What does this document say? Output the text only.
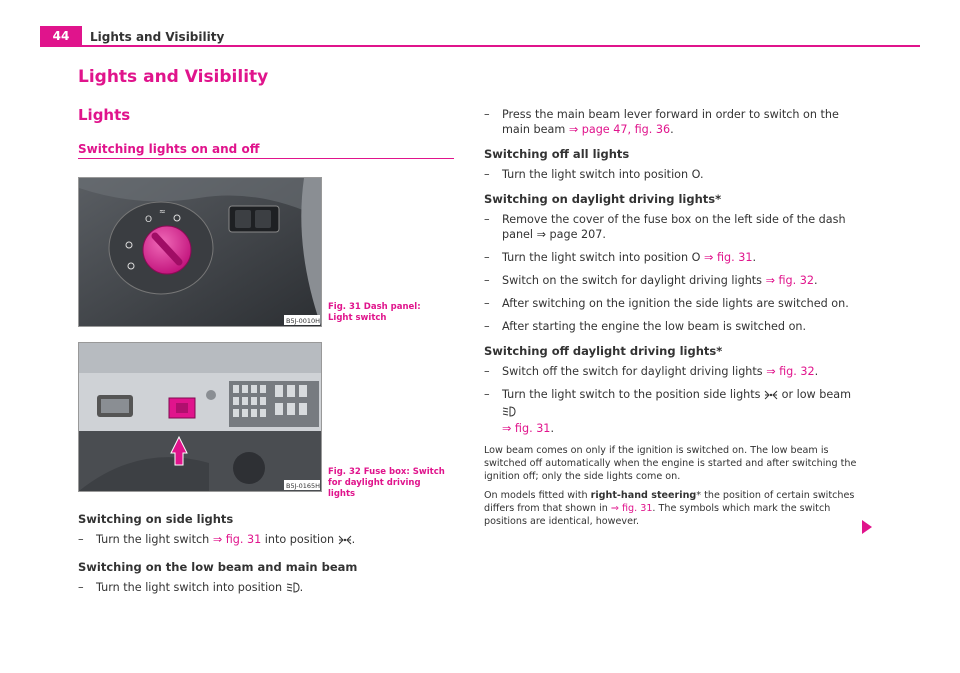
44	Lights and Visibility
Lights and Visibility
Lights
Switching lights on and off
O
≈
B5J-0010H
Fig. 31 Dash panel: Light switch
B5J-0165H
Fig. 32 Fuse box: Switch for daylight driving lights
Switching on side lights
– Turn the light switch ⇒ fig. 31 into position .
Switching on the low beam and main beam
– Turn the light switch into position .
– Press the main beam lever forward in order to switch on the main beam ⇒ page 47, fig. 36.
Switching off all lights
– Turn the light switch into position O.
Switching on daylight driving lights*
– Remove the cover of the fuse box on the left side of the dash panel ⇒ page 207.
– Turn the light switch into position O ⇒ fig. 31.
– Switch on the switch for daylight driving lights ⇒ fig. 32.
– After switching on the ignition the side lights are switched on.
– After starting the engine the low beam is switched on.
Switching off daylight driving lights*
– Switch off the switch for daylight driving lights ⇒ fig. 32.
– Turn the light switch to the position side lights  or low beam
⇒ fig. 31.
Low beam comes on only if the ignition is switched on. The low beam is switched off automatically when the engine is started and after switching the ignition off; only the side lights come on.
On models fitted with right-hand steering* the position of certain switches differs from that shown in ⇒ fig. 31. The symbols which mark the switch positions are identical, however.
